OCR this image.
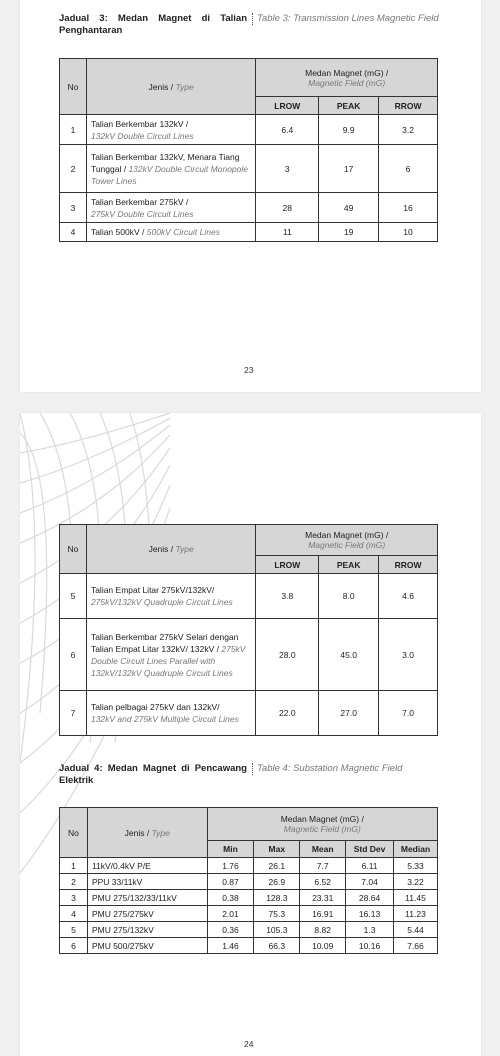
Jadual 3: Medan Magnet di Talian Penghantaran
Table 3: Transmission Lines Magnetic Field
No	Jenis / Type	Medan Magnet (mG) /
Magnetic Field (mG)		
		LROW	PEAK	RROW
1	Talian Berkembar 132kV /
132kV Double Circuit Lines	6.4	9.9	3.2
2	Talian Berkembar 132kV, Menara Tiang Tunggal / 132kV Double Circuit Monopole Tower Lines	3	17	6
3	Talian Berkembar 275kV /
275kV Double Circuit Lines	28	49	16
4	Talian 500kV / 500kV Circuit Lines	11	19	10
23
No	Jenis / Type	Medan Magnet (mG) /
Magnetic Field (mG)		
		LROW	PEAK	RROW
5	Talian Empat Litar 275kV/132kV/
275kV/132kV Quadruple Circuit Lines	3.8	8.0	4.6
6	Talian Berkembar 275kV Selari dengan Talian Empat Litar 132kV/ 132kV / 275kV Double Circuit Lines Parallel with 132kV/132kV Quadruple Circuit Lines	28.0	45.0	3.0
7	Talian pelbagai 275kV dan 132kV/
132kV and 275kV Multiple Circuit Lines	22.0	27.0	7.0
Jadual 4: Medan Magnet di Pencawang Elektrik
Table 4: Substation Magnetic Field
No	Jenis / Type	Medan Magnet (mG) /
Magnetic Field (mG)				
		Min	Max	Mean	Std Dev	Median
1	11kV/0.4kV P/E	1.76	26.1	7.7	6.11	5.33
2	PPU 33/11kV	0.87	26.9	6.52	7.04	3.22
3	PMU 275/132/33/11kV	0.38	128.3	23.31	28.64	11.45
4	PMU 275/275kV	2.01	75.3	16.91	16.13	11.23
5	PMU 275/132kV	0.36	105.3	8.82	1.3	5.44
6	PMU 500/275kV	1.46	66.3	10.09	10.16	7.66
24
